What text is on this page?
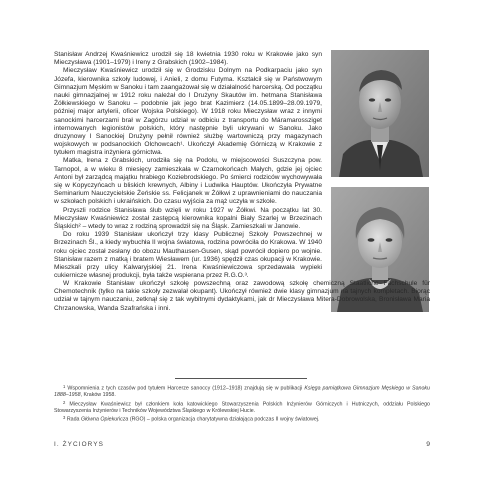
Stanisław Andrzej Kwaśniewicz urodził się 18 kwietnia 1930 roku w Krakowie jako syn Mieczysława (1901–1979) i Ireny z Grabskich (1902–1984).

Mieczysław Kwaśniewicz urodził się w Grodzisku Dolnym na Podkarpaciu jako syn Józefa, kierownika szkoły ludowej, i Anieli, z domu Futyma. Kształcił się w Państwowym Gimnazjum Męskim w Sanoku i tam zaangażował się w działalność harcerską. Od początku nauki gimnazjalnej w 1912 roku należał do I Drużyny Skautów im. hetmana Stanisława Żółkiewskiego w Sanoku – podobnie jak jego brat Kazimierz (14.05.1899–28.09.1979, później major artylerii, oficer Wojska Polskiego). W 1918 roku Mieczysław wraz z innymi sanockimi harcerzami brał w Zagórzu udział w odbiciu z transportu do Máramarossziget internowanych legionistów polskich, który następnie byli ukrywani w Sanoku. Jako druzynowy I Sanockiej Drużyny pełnił również służbę wartowniczą przy magazynach wojskowych w podsanockich Olchowcach¹. Ukończył Akademię Górniczą w Krakowie z tytułem magistra inżyniera górnictwa.

Matka, Irena z Grabskich, urodziła się na Podolu, w miejscowości Suszczyna pow. Tarnopol, a w wieku 8 miesięcy zamieszkała w Czarnokońcach Małych, gdzie jej ojciec Antoni był zarządcą majątku hrabiego Koziebrodskiego. Po śmierci rodziców wychowywała się w Kopyczyńcach u bliskich krewnych, Albiny i Ludwika Hauptów. Ukończyła Prywatne Seminarium Nauczycielskie Żeńskie ss. Felicjanek w Żółkwi z uprawnieniami do nauczania w szkołach polskich i ukraińskich. Do czasu wyjścia za mąż uczyła w szkole.

Przyszli rodzice Stanisława ślub wzięli w roku 1927 w Żółkwi. Na początku lat 30. Mieczysław Kwaśniewicz został zastępcą kierownika kopalni Biały Szarlej w Brzezinach Śląskich² – wtedy to wraz z rodziną sprowadził się na Śląsk. Zamieszkali w Janowie.

Do roku 1939 Stanisław ukończył trzy klasy Publicznej Szkoły Powszechnej w Brzezinach Śl., a kiedy wybuchła II wojna światowa, rodzina powróciła do Krakowa. W 1940 roku ojciec został zesłany do obozu Mauthausen-Gusen, skąd powrócił dopiero po wojnie. Stanisław razem z matką i bratem Wiesławem (ur. 1936) spędził czas okupacji w Krakowie. Mieszkali przy ulicy Kalwaryjskiej 21. Irena Kwaśniewiczowa sprzedawała wypieki cukiernicze własnej produkcji, była także wspierana przez R.G.O.³.

W Krakowie Stanisław ukończył szkołę powszechną oraz zawodową szkołę chemiczną Staatliche Fachschule für Chemotechnik (tylko na takie szkoły zezwalał okupant). Ukończył również dwie klasy gimnazjum na tajnych kompletach. Biorąc udział w tajnym nauczaniu, zetknął się z tak wybitnymi dydaktykami, jak dr Mieczysława Mitera-Dobrowolska, Bronisława Maria Chrzanowska, Wanda Szafrańska i inni.

$^1$ Wspomnienia z tych czasów pod tytułem Harcerze sanoccy (1912–1918) znajdują się w publikacji Księga pamiątkowa Gimnazjum Męskiego w Sanoku 1888–1958, Kraków 1958.

$^2$ Mieczysław Kwaśniewicz był członkiem koła katowickiego Stowarzyszenia Polskich Inżynierów Górniczych i Hutniczych, oddziału Polskiego Stowarzyszenia Inżynierów i Techników Województwa Śląskiego w Królewskiej Hucie.

$^3$ Rada Główna Opiekuńcza (RGO) – polska organizacja charytatywna działająca podczas II wojny światowej.

I. ŻYCIORYS	9
